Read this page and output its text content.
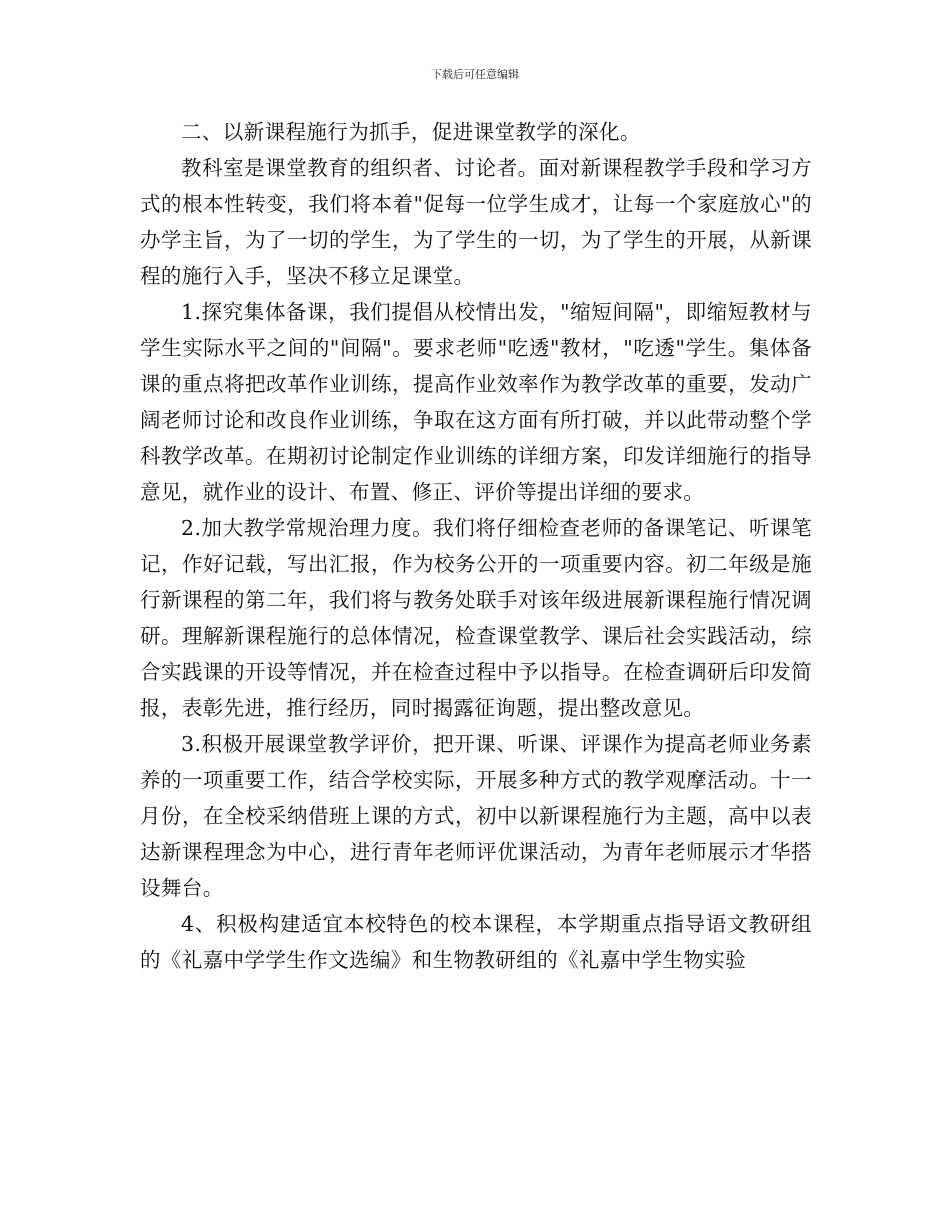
下载后可任意编辑

二、以新课程施行为抓手，促进课堂教学的深化。

教科室是课堂教育的组织者、讨论者。面对新课程教学手段和学习方式的根本性转变，我们将本着"促每一位学生成才，让每一个家庭放心"的办学主旨，为了一切的学生，为了学生的一切，为了学生的开展，从新课程的施行入手，坚决不移立足课堂。

1.探究集体备课，我们提倡从校情出发，"缩短间隔"，即缩短教材与学生实际水平之间的"间隔"。要求老师"吃透"教材，"吃透"学生。集体备课的重点将把改革作业训练，提高作业效率作为教学改革的重要，发动广阔老师讨论和改良作业训练，争取在这方面有所打破，并以此带动整个学科教学改革。在期初讨论制定作业训练的详细方案，印发详细施行的指导意见，就作业的设计、布置、修正、评价等提出详细的要求。

2.加大教学常规治理力度。我们将仔细检查老师的备课笔记、听课笔记，作好记载，写出汇报，作为校务公开的一项重要内容。初二年级是施行新课程的第二年，我们将与教务处联手对该年级进展新课程施行情况调研。理解新课程施行的总体情况，检查课堂教学、课后社会实践活动，综合实践课的开设等情况，并在检查过程中予以指导。在检查调研后印发简报，表彰先进，推行经历，同时揭露征询题，提出整改意见。

3.积极开展课堂教学评价，把开课、听课、评课作为提高老师业务素养的一项重要工作，结合学校实际，开展多种方式的教学观摩活动。十一月份，在全校采纳借班上课的方式，初中以新课程施行为主题，高中以表达新课程理念为中心，进行青年老师评优课活动，为青年老师展示才华搭设舞台。

4、积极构建适宜本校特色的校本课程，本学期重点指导语文教研组的《礼嘉中学学生作文选编》和生物教研组的《礼嘉中学生物实验
